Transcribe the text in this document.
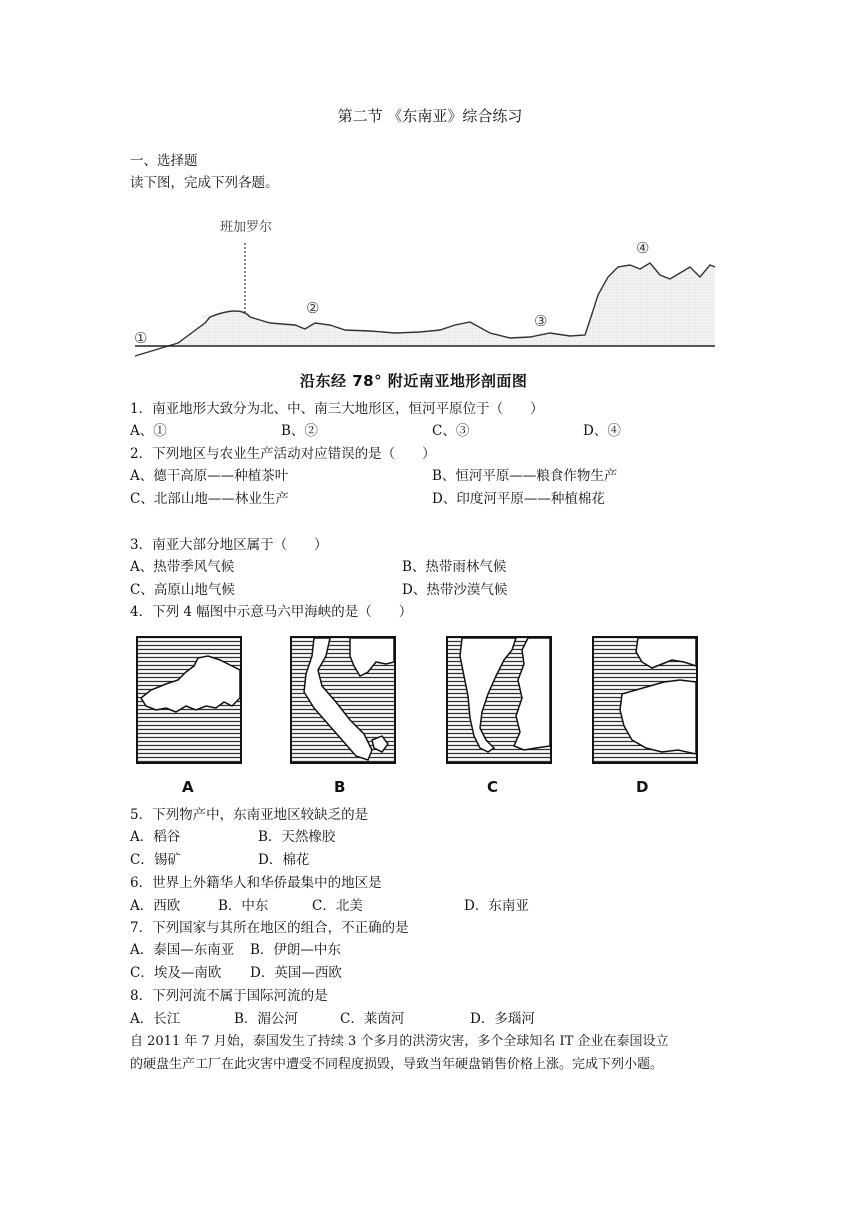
第二节 《东南亚》综合练习
一、选择题
读下图，完成下列各题。
班加罗尔
①
②
③
④
沿东经 78° 附近南亚地形剖面图
1．南亚地形大致分为北、中、南三大地形区，恒河平原位于（　　）
A、①	B、②	C、③	D、④
2．下列地区与农业生产活动对应错误的是（　　）
A、德干高原——种植茶叶	B、恒河平原——粮食作物生产
C、北部山地——林业生产	D、印度河平原——种植棉花
3．南亚大部分地区属于（　　）
A、热带季风气候	B、热带雨林气候
C、高原山地气候	D、热带沙漠气候
4．下列 4 幅图中示意马六甲海峡的是（　　）
A	B	C	D
5．下列物产中，东南亚地区较缺乏的是
A．稻谷	B．天然橡胶
C．锡矿	D．棉花
6．世界上外籍华人和华侨最集中的地区是
A．西欧	B．中东	C．北美	D．东南亚
7．下列国家与其所在地区的组合，不正确的是
A．泰国—东南亚 B．伊朗—中东
C．埃及—南欧 D．英国—西欧
8．下列河流不属于国际河流的是
A．长江	B．湄公河	C．莱茵河	D．多瑙河
自 2011 年 7 月始，泰国发生了持续 3 个多月的洪涝灾害，多个全球知名 IT 企业在泰国设立
的硬盘生产工厂在此灾害中遭受不同程度损毁，导致当年硬盘销售价格上涨。完成下列小题。
